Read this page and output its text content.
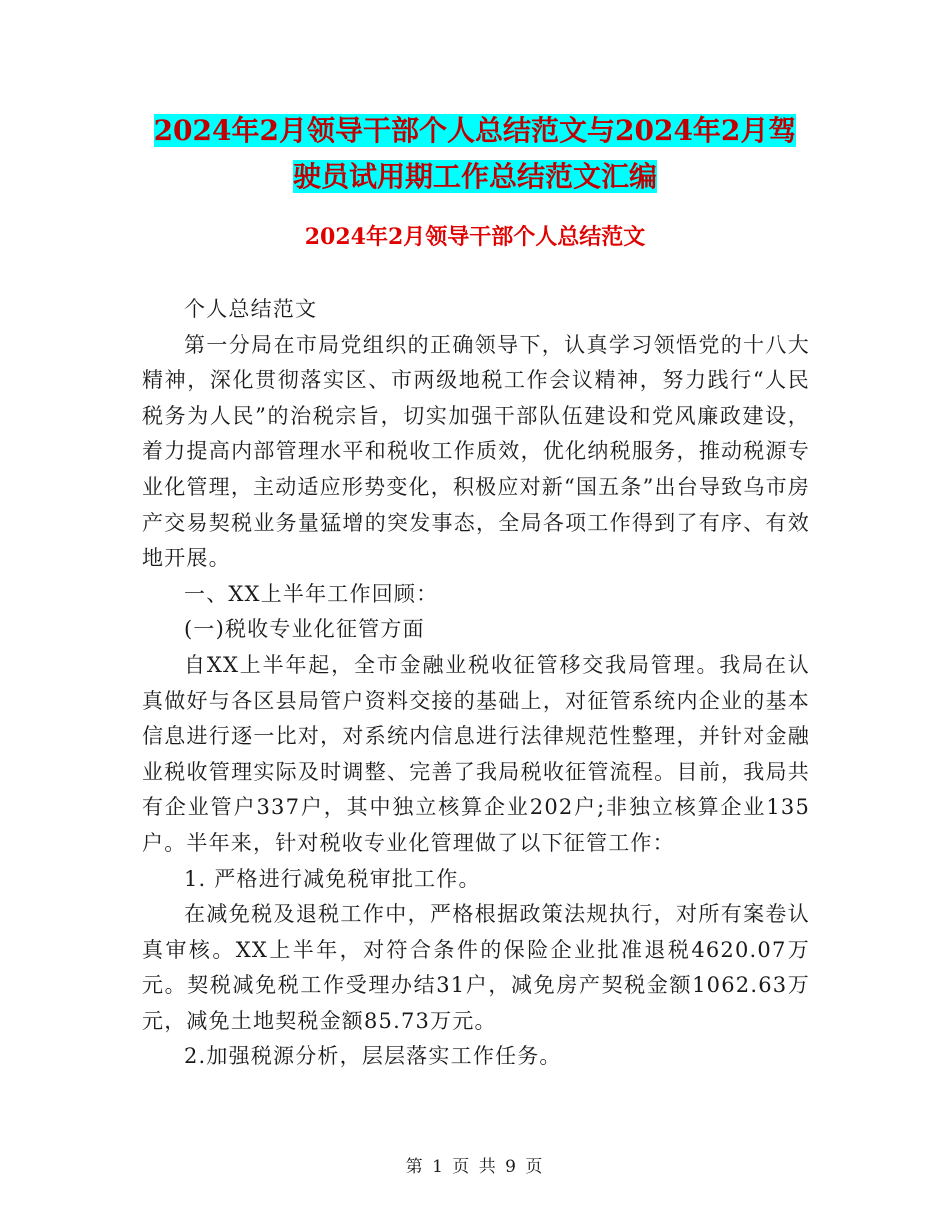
2024年2月领导干部个人总结范文与2024年2月驾驶员试用期工作总结范文汇编
2024年2月领导干部个人总结范文

个人总结范文

第一分局在市局党组织的正确领导下，认真学习领悟党的十八大精神，深化贯彻落实区、市两级地税工作会议精神，努力践行“人民税务为人民”的治税宗旨，切实加强干部队伍建设和党风廉政建设，着力提高内部管理水平和税收工作质效，优化纳税服务，推动税源专业化管理，主动适应形势变化，积极应对新“国五条”出台导致乌市房产交易契税业务量猛增的突发事态，全局各项工作得到了有序、有效地开展。

一、XX上半年工作回顾：

(一)税收专业化征管方面

自XX上半年起，全市金融业税收征管移交我局管理。我局在认真做好与各区县局管户资料交接的基础上，对征管系统内企业的基本信息进行逐一比对，对系统内信息进行法律规范性整理，并针对金融业税收管理实际及时调整、完善了我局税收征管流程。目前，我局共有企业管户337户，其中独立核算企业202户;非独立核算企业135户。半年来，针对税收专业化管理做了以下征管工作：

1. 严格进行减免税审批工作。

在减免税及退税工作中，严格根据政策法规执行，对所有案卷认真审核。XX上半年，对符合条件的保险企业批准退税4620.07万元。契税减免税工作受理办结31户，减免房产契税金额1062.63万元，减免土地契税金额85.73万元。

2.加强税源分析，层层落实工作任务。

第 1 页 共 9 页
